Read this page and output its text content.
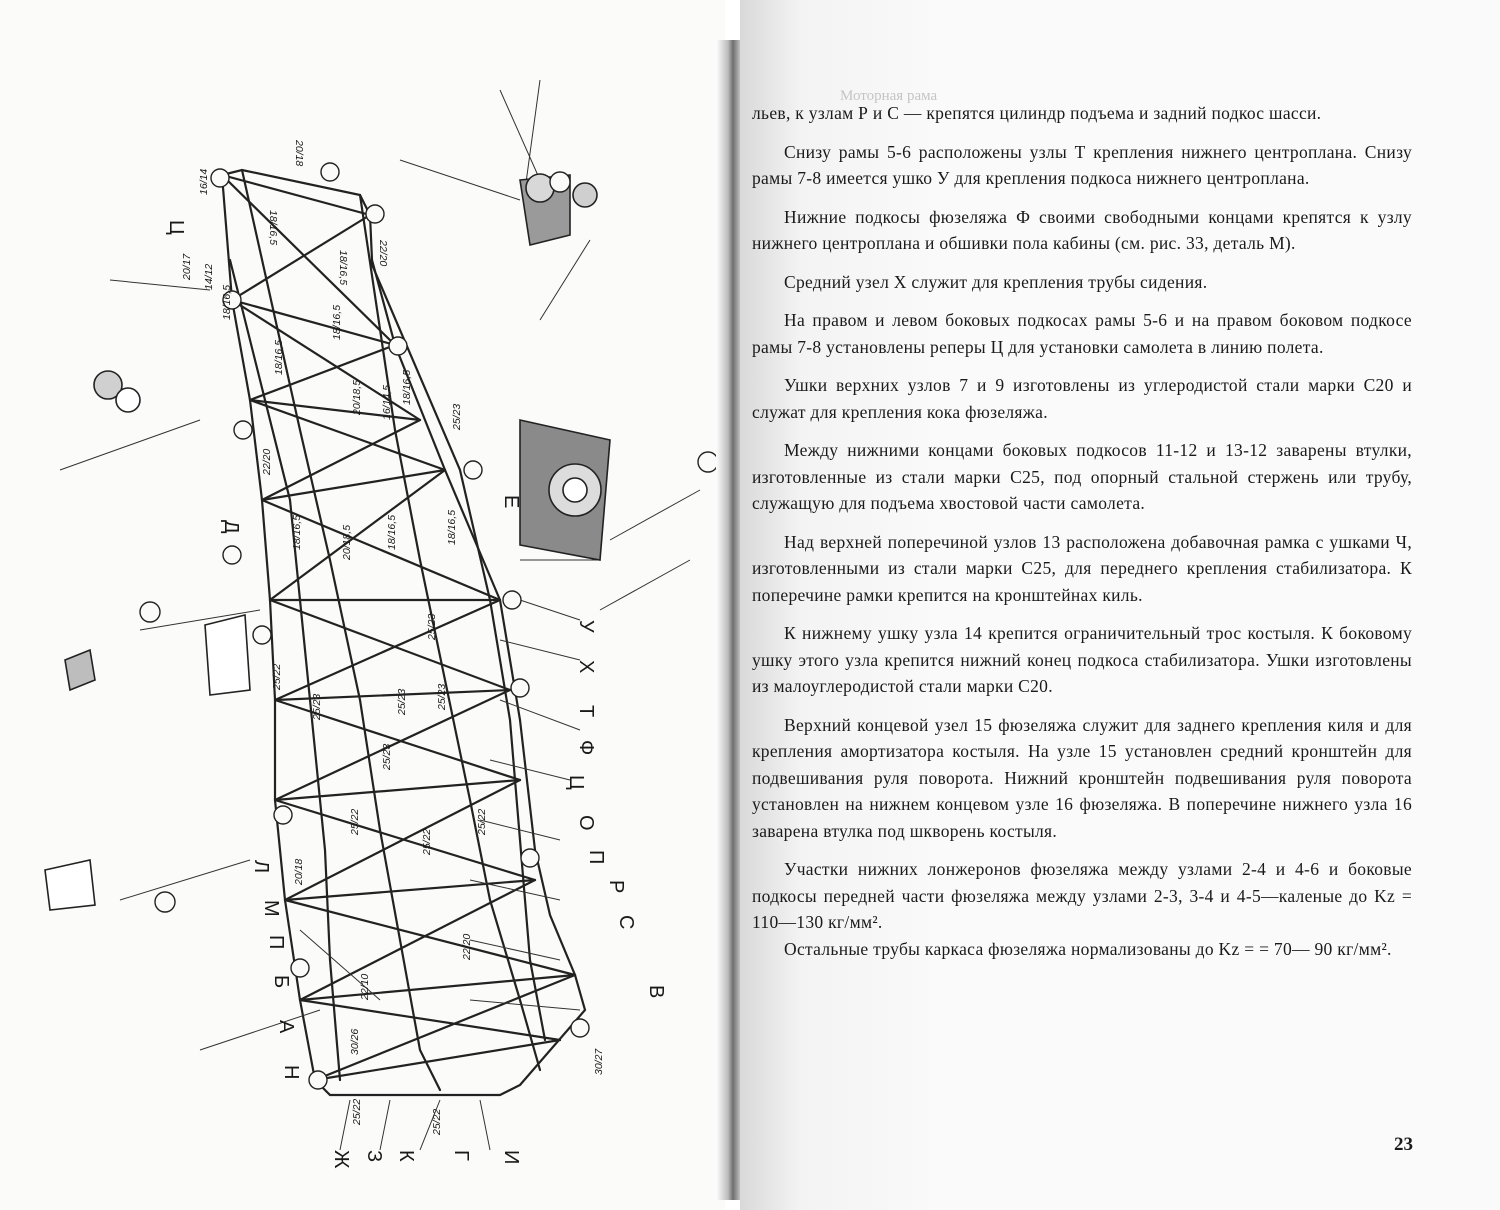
Ц
Е
Д
У
Х
Т
Ф
Ц
О
П
Р
С
В
Л
М
П
Б
А
Н
Ж З К Г И
20/18
16/14
18/16,5
18/16,5	22/20
20/17 14/12
18/16,5
18/16,5
18/16,5
20/18,5 16/14,5 18/16,5
25/23
22/20
18/16,5	20/18,5	18/16,5	18/16,5
25/22
25/23
25/23
25/23	25/23
25/23
25/22
25/22
25/22
20/18
22/20
22/10
30/26
25/22
25/22
30/27
Моторная рама

льев, к узлам Р и С — крепятся цилиндр подъема и задний подкос шасси.

Снизу рамы 5-6 расположены узлы Т крепления нижнего центроплана. Снизу рамы 7-8 имеется ушко У для крепления подкоса нижнего центроплана.

Нижние подкосы фюзеляжа Ф своими свободными концами крепятся к узлу нижнего центроплана и обшивки пола кабины (см. рис. 33, деталь М).

Средний узел Х служит для крепления трубы сидения.

На правом и левом боковых подкосах рамы 5-6 и на правом боковом подкосе рамы 7-8 установлены реперы Ц для установки самолета в линию полета.

Ушки верхних узлов 7 и 9 изготовлены из углеродистой стали марки С20 и служат для крепления кока фюзеляжа.

Между нижними концами боковых подкосов 11-12 и 13-12 заварены втулки, изготовленные из стали марки С25, под опорный стальной стержень или трубу, служащую для подъема хвостовой части самолета.

Над верхней поперечиной узлов 13 расположена добавочная рамка с ушками Ч, изготовленными из стали марки С25, для переднего крепления стабилизатора. К поперечине рамки крепится на кронштейнах киль.

К нижнему ушку узла 14 крепится ограничительный трос костыля. К боковому ушку этого узла крепится нижний конец подкоса стабилизатора. Ушки изготовлены из малоуглеродистой стали марки С20.

Верхний концевой узел 15 фюзеляжа служит для заднего крепления киля и для крепления амортизатора костыля. На узле 15 установлен средний кронштейн для подвешивания руля поворота. Нижний кронштейн подвешивания руля поворота установлен на нижнем концевом узле 16 фюзеляжа. В поперечине нижнего узла 16 заварена втулка под шкворень костыля.

Участки нижних лонжеронов фюзеляжа между узлами 2-4 и 4-6 и боковые подкосы передней части фюзеляжа между узлами 2-3, 3-4 и 4-5—каленые до Kz = 110—130 кг/мм².

Остальные трубы каркаса фюзеляжа нормализованы до Kz = = 70— 90 кг/мм².

23
